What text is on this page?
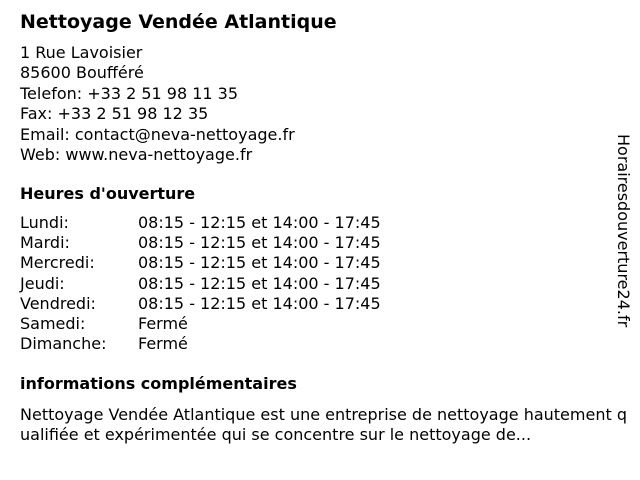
Nettoyage Vendée Atlantique
1 Rue Lavoisier
85600 Boufféré
Telefon: +33 2 51 98 11 35
Fax: +33 2 51 98 12 35
Email: contact@neva-nettoyage.fr
Web: www.neva-nettoyage.fr
Heures d'ouverture
Lundi:	08:15 - 12:15 et 14:00 - 17:45
Mardi:	08:15 - 12:15 et 14:00 - 17:45
Mercredi:	08:15 - 12:15 et 14:00 - 17:45
Jeudi:	08:15 - 12:15 et 14:00 - 17:45
Vendredi:	08:15 - 12:15 et 14:00 - 17:45
Samedi:	Fermé
Dimanche:	Fermé
informations complémentaires
Nettoyage Vendée Atlantique est une entreprise de nettoyage hautement qualifiée et expérimentée qui se concentre sur le nettoyage de...
Horairesdouverture24.fr
